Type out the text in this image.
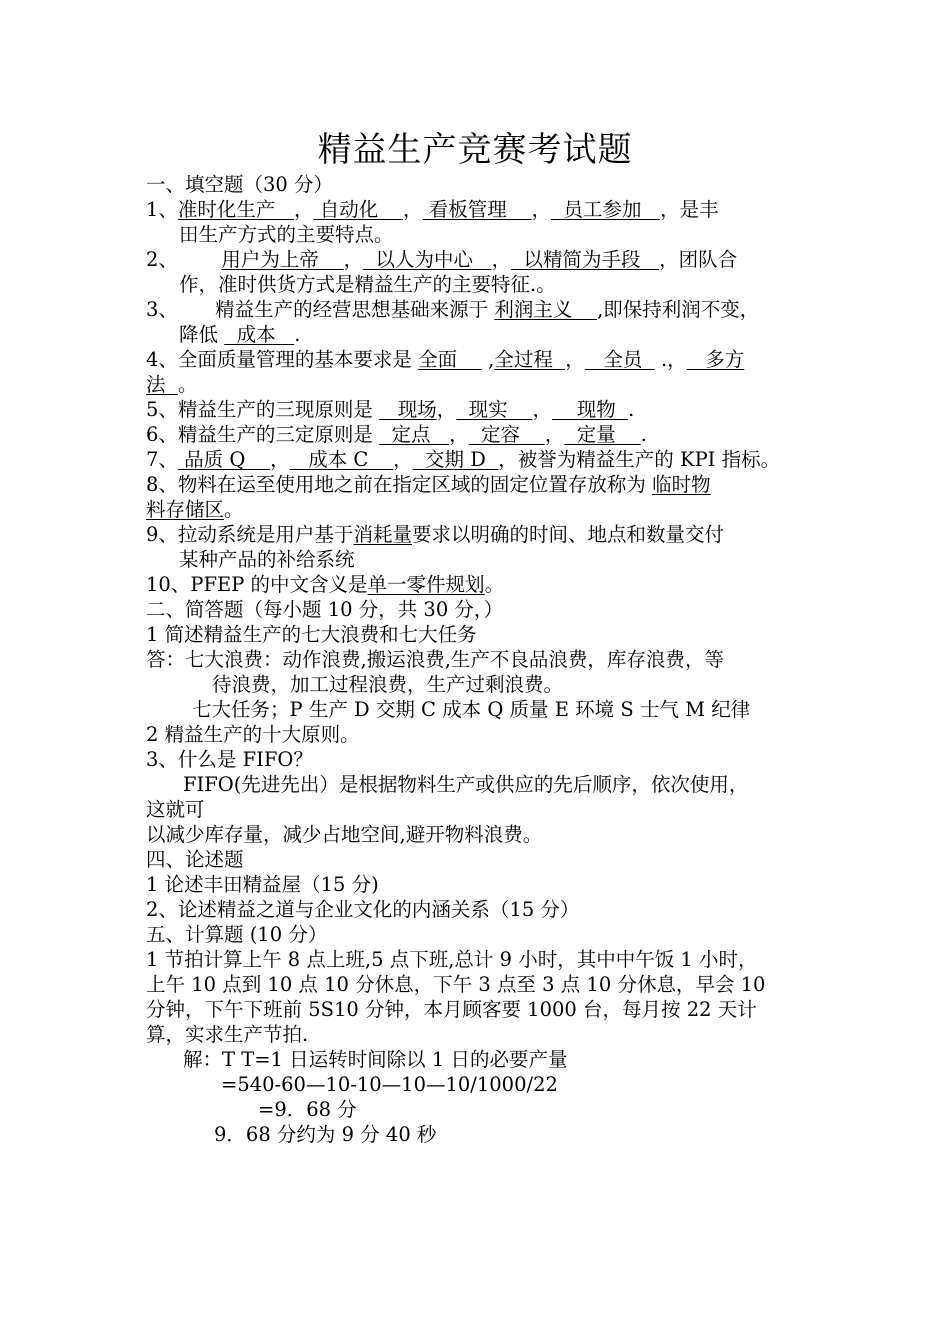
精益生产竞赛考试题

一、填空题（30 分）

1、准时化生产   ， 自动化    ， 看板管理    ，  员工参加   ，是丰

田生产方式的主要特点。

2、 用户为上帝    ，  以人为中心   ，  以精简为手段   ，团队合

作，准时供货方式是精益生产的主要特征.。

3、      精益生产的经营思想基础来源于 利润主义    ,即保持利润不变，

降低   成本   .

4、全面质量管理的基本要求是 全面     ,全过程  ，   全员   .，   多方

法  。

5、精益生产的三现原则是    现场，  现实    ，    现物  .

6、精益生产的三定原则是   定点   ，  定容    ，  定量    .

7、 品质 Q    ，   成本 C    ，  交期 D  ，被誉为精益生产的 KPI 指标。

8、物料在运至使用地之前在指定区域的固定位置存放称为 临时物

料存储区。

9、拉动系统是用户基于消耗量要求以明确的时间、地点和数量交付

某种产品的补给系统

10、PFEP 的中文含义是单一零件规划。

二、简答题（每小题 10 分，共 30 分，）

1 简述精益生产的七大浪费和七大任务

答：七大浪费：动作浪费,搬运浪费,生产不良品浪费，库存浪费，等

待浪费，加工过程浪费，生产过剩浪费。

七大任务；P 生产 D 交期 C 成本 Q 质量 E 环境 S 士气 M 纪律

2 精益生产的十大原则。

3、什么是 FIFO？

FIFO(先进先出）是根据物料生产或供应的先后顺序，依次使用，

这就可

以减少库存量，减少占地空间,避开物料浪费。

四、论述题

1 论述丰田精益屋（15 分)

2、论述精益之道与企业文化的内涵关系（15 分）

五、计算题 (10 分）

1 节拍计算上午 8 点上班,5 点下班,总计 9 小时，其中中午饭 1 小时，

上午 10 点到 10 点 10 分休息，下午 3 点至 3 点 10 分休息，早会 10

分钟，下午下班前 5S10 分钟，本月顾客要 1000 台，每月按 22 天计

算，实求生产节拍.

解：T T=1 日运转时间除以 1 日的必要产量

=540-60—10-10—10—10/1000/22

=9．68 分

9．68 分约为 9 分 40 秒
